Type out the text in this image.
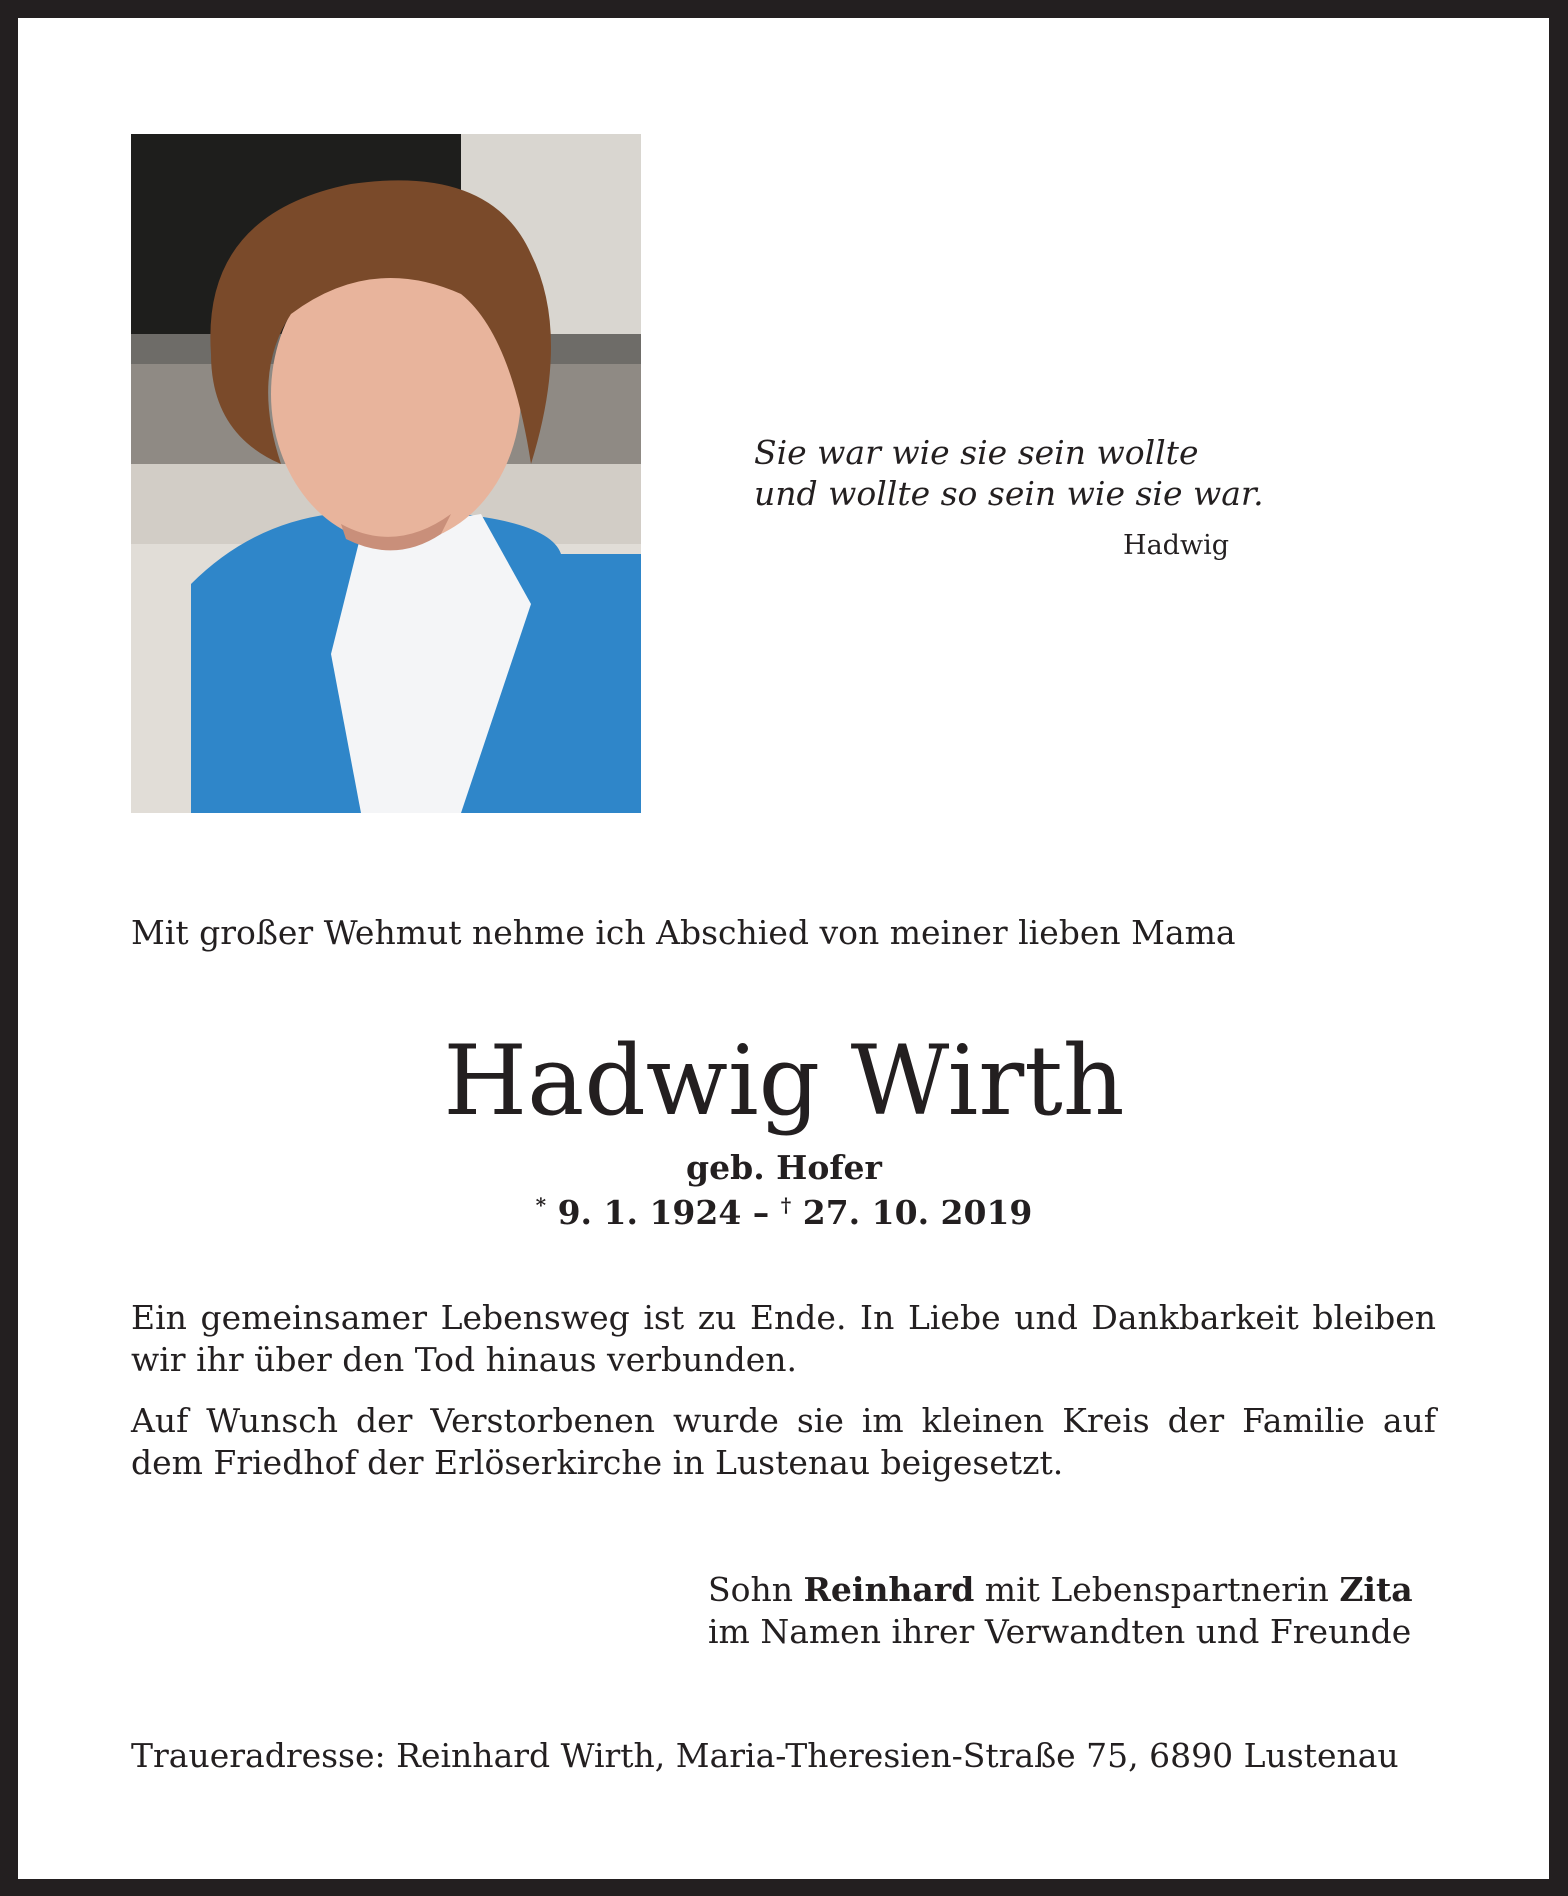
Sie war wie sie sein wollte
und wollte so sein wie sie war.
Hadwig
Mit großer Wehmut nehme ich Abschied von meiner lieben Mama
Hadwig Wirth
geb. Hofer
* 9. 1. 1924 – † 27. 10. 2019
Ein gemeinsamer Lebensweg ist zu Ende. In Liebe und Dankbarkeit bleiben wir ihr über den Tod hinaus verbunden.
Auf Wunsch der Verstorbenen wurde sie im kleinen Kreis der Familie auf
dem Friedhof der Erlöserkirche in Lustenau beigesetzt.
Sohn Reinhard mit Lebenspartnerin Zita
im Namen ihrer Verwandten und Freunde
Traueradresse: Reinhard Wirth, Maria-Theresien-Straße 75, 6890 Lustenau
